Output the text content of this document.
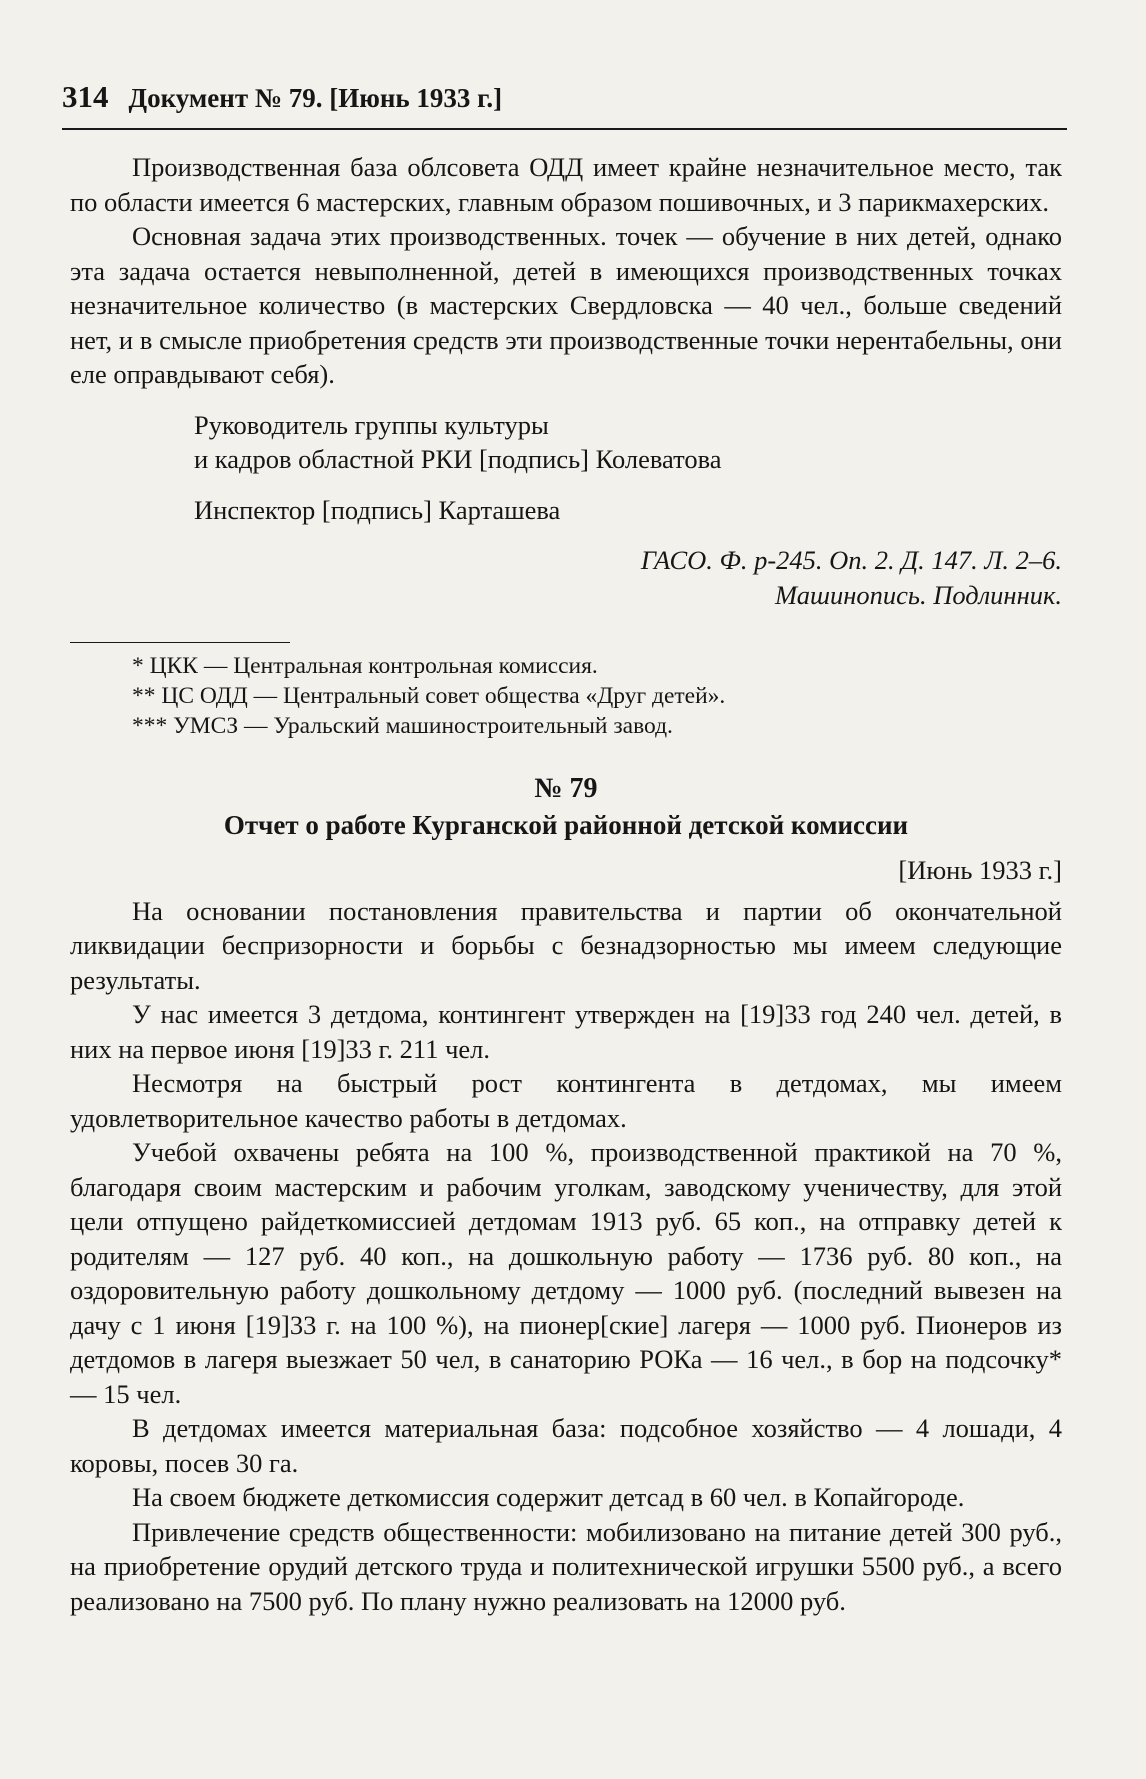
314 Документ № 79. [Июнь 1933 г.]

Производственная база облсовета ОДД имеет крайне незначительное место, так по области имеется 6 мастерских, главным образом пошивочных, и 3 парикмахерских.

Основная задача этих производственных. точек — обучение в них детей, однако эта задача остается невыполненной, детей в имеющихся производственных точках незначительное количество (в мастерских Свердловска — 40 чел., больше сведений нет, и в смысле приобретения средств эти производственные точки нерентабельны, они еле оправдывают себя).

Руководитель группы культуры
и кадров областной РКИ [подпись] Колеватова
Инспектор [подпись] Карташева
ГАСО. Ф. р-245. Оп. 2. Д. 147. Л. 2–6.
Машинопись. Подлинник.
* ЦКК — Центральная контрольная комиссия.
** ЦС ОДД — Центральный совет общества «Друг детей».
*** УМСЗ — Уральский машиностроительный завод.
№ 79
Отчет о работе Курганской районной детской комиссии
[Июнь 1933 г.]

На основании постановления правительства и партии об окончательной ликвидации беспризорности и борьбы с безнадзорностью мы имеем следующие результаты.

У нас имеется 3 детдома, контингент утвержден на [19]33 год 240 чел. детей, в них на первое июня [19]33 г. 211 чел.

Несмотря на быстрый рост контингента в детдомах, мы имеем удовлетворительное качество работы в детдомах.

Учебой охвачены ребята на 100 %, производственной практикой на 70 %, благодаря своим мастерским и рабочим уголкам, заводскому ученичеству, для этой цели отпущено райдеткомиссией детдомам 1913 руб. 65 коп., на отправку детей к родителям — 127 руб. 40 коп., на дошкольную работу — 1736 руб. 80 коп., на оздоровительную работу дошкольному детдому — 1000 руб. (последний вывезен на дачу с 1 июня [19]33 г. на 100 %), на пионер[ские] лагеря — 1000 руб. Пионеров из детдомов в лагеря выезжает 50 чел, в санаторию РОКа — 16 чел., в бор на подсочку* — 15 чел.

В детдомах имеется материальная база: подсобное хозяйство — 4 лошади, 4 коровы, посев 30 га.

На своем бюджете деткомиссия содержит детсад в 60 чел. в Копайгороде.

Привлечение средств общественности: мобилизовано на питание детей 300 руб., на приобретение орудий детского труда и политехнической игрушки 5500 руб., а всего реализовано на 7500 руб. По плану нужно реализовать на 12000 руб.
